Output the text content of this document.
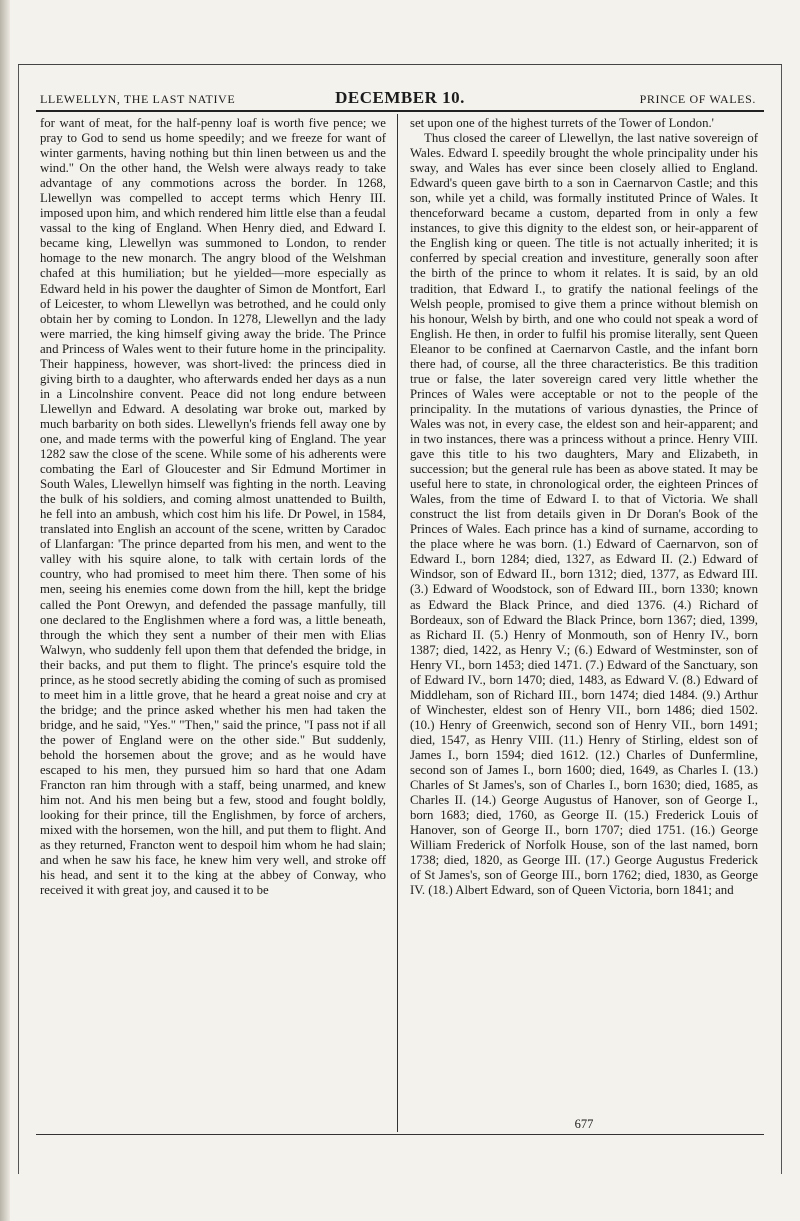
LLEWELLYN, THE LAST NATIVE	DECEMBER 10.	PRINCE OF WALES.

for want of meat, for the half-penny loaf is worth five pence; we pray to God to send us home speedily; and we freeze for want of winter garments, having nothing but thin linen between us and the wind." On the other hand, the Welsh were always ready to take advantage of any commotions across the border. In 1268, Llewellyn was compelled to accept terms which Henry III. imposed upon him, and which rendered him little else than a feudal vassal to the king of England. When Henry died, and Edward I. became king, Llewellyn was summoned to London, to render homage to the new monarch. The angry blood of the Welshman chafed at this humiliation; but he yielded—more especially as Edward held in his power the daughter of Simon de Montfort, Earl of Leicester, to whom Llewellyn was betrothed, and he could only obtain her by coming to London. In 1278, Llewellyn and the lady were married, the king himself giving away the bride. The Prince and Princess of Wales went to their future home in the principality. Their happiness, however, was short-lived: the princess died in giving birth to a daughter, who afterwards ended her days as a nun in a Lincolnshire convent. Peace did not long endure between Llewellyn and Edward. A desolating war broke out, marked by much barbarity on both sides. Llewellyn's friends fell away one by one, and made terms with the powerful king of England. The year 1282 saw the close of the scene. While some of his adherents were combating the Earl of Gloucester and Sir Edmund Mortimer in South Wales, Llewellyn himself was fighting in the north. Leaving the bulk of his soldiers, and coming almost unattended to Builth, he fell into an ambush, which cost him his life. Dr Powel, in 1584, translated into English an account of the scene, written by Caradoc of Llanfargan: 'The prince departed from his men, and went to the valley with his squire alone, to talk with certain lords of the country, who had promised to meet him there. Then some of his men, seeing his enemies come down from the hill, kept the bridge called the Pont Orewyn, and defended the passage manfully, till one declared to the Englishmen where a ford was, a little beneath, through the which they sent a number of their men with Elias Walwyn, who suddenly fell upon them that defended the bridge, in their backs, and put them to flight. The prince's esquire told the prince, as he stood secretly abiding the coming of such as promised to meet him in a little grove, that he heard a great noise and cry at the bridge; and the prince asked whether his men had taken the bridge, and he said, "Yes." "Then," said the prince, "I pass not if all the power of England were on the other side." But suddenly, behold the horsemen about the grove; and as he would have escaped to his men, they pursued him so hard that one Adam Francton ran him through with a staff, being unarmed, and knew him not. And his men being but a few, stood and fought boldly, looking for their prince, till the Englishmen, by force of archers, mixed with the horsemen, won the hill, and put them to flight. And as they returned, Francton went to despoil him whom he had slain; and when he saw his face, he knew him very well, and stroke off his head, and sent it to the king at the abbey of Conway, who received it with great joy, and caused it to be

set upon one of the highest turrets of the Tower of London.'

Thus closed the career of Llewellyn, the last native sovereign of Wales. Edward I. speedily brought the whole principality under his sway, and Wales has ever since been closely allied to England. Edward's queen gave birth to a son in Caernarvon Castle; and this son, while yet a child, was formally instituted Prince of Wales. It thenceforward became a custom, departed from in only a few instances, to give this dignity to the eldest son, or heir-apparent of the English king or queen. The title is not actually inherited; it is conferred by special creation and investiture, generally soon after the birth of the prince to whom it relates. It is said, by an old tradition, that Edward I., to gratify the national feelings of the Welsh people, promised to give them a prince without blemish on his honour, Welsh by birth, and one who could not speak a word of English. He then, in order to fulfil his promise literally, sent Queen Eleanor to be confined at Caernarvon Castle, and the infant born there had, of course, all the three characteristics. Be this tradition true or false, the later sovereign cared very little whether the Princes of Wales were acceptable or not to the people of the principality. In the mutations of various dynasties, the Prince of Wales was not, in every case, the eldest son and heir-apparent; and in two instances, there was a princess without a prince. Henry VIII. gave this title to his two daughters, Mary and Elizabeth, in succession; but the general rule has been as above stated. It may be useful here to state, in chronological order, the eighteen Princes of Wales, from the time of Edward I. to that of Victoria. We shall construct the list from details given in Dr Doran's Book of the Princes of Wales. Each prince has a kind of surname, according to the place where he was born. (1.) Edward of Caernarvon, son of Edward I., born 1284; died, 1327, as Edward II. (2.) Edward of Windsor, son of Edward II., born 1312; died, 1377, as Edward III. (3.) Edward of Woodstock, son of Edward III., born 1330; known as Edward the Black Prince, and died 1376. (4.) Richard of Bordeaux, son of Edward the Black Prince, born 1367; died, 1399, as Richard II. (5.) Henry of Monmouth, son of Henry IV., born 1387; died, 1422, as Henry V.; (6.) Edward of Westminster, son of Henry VI., born 1453; died 1471. (7.) Edward of the Sanctuary, son of Edward IV., born 1470; died, 1483, as Edward V. (8.) Edward of Middleham, son of Richard III., born 1474; died 1484. (9.) Arthur of Winchester, eldest son of Henry VII., born 1486; died 1502. (10.) Henry of Greenwich, second son of Henry VII., born 1491; died, 1547, as Henry VIII. (11.) Henry of Stirling, eldest son of James I., born 1594; died 1612. (12.) Charles of Dunfermline, second son of James I., born 1600; died, 1649, as Charles I. (13.) Charles of St James's, son of Charles I., born 1630; died, 1685, as Charles II. (14.) George Augustus of Hanover, son of George I., born 1683; died, 1760, as George II. (15.) Frederick Louis of Hanover, son of George II., born 1707; died 1751. (16.) George William Frederick of Norfolk House, son of the last named, born 1738; died, 1820, as George III. (17.) George Augustus Frederick of St James's, son of George III., born 1762; died, 1830, as George IV. (18.) Albert Edward, son of Queen Victoria, born 1841; and

677
